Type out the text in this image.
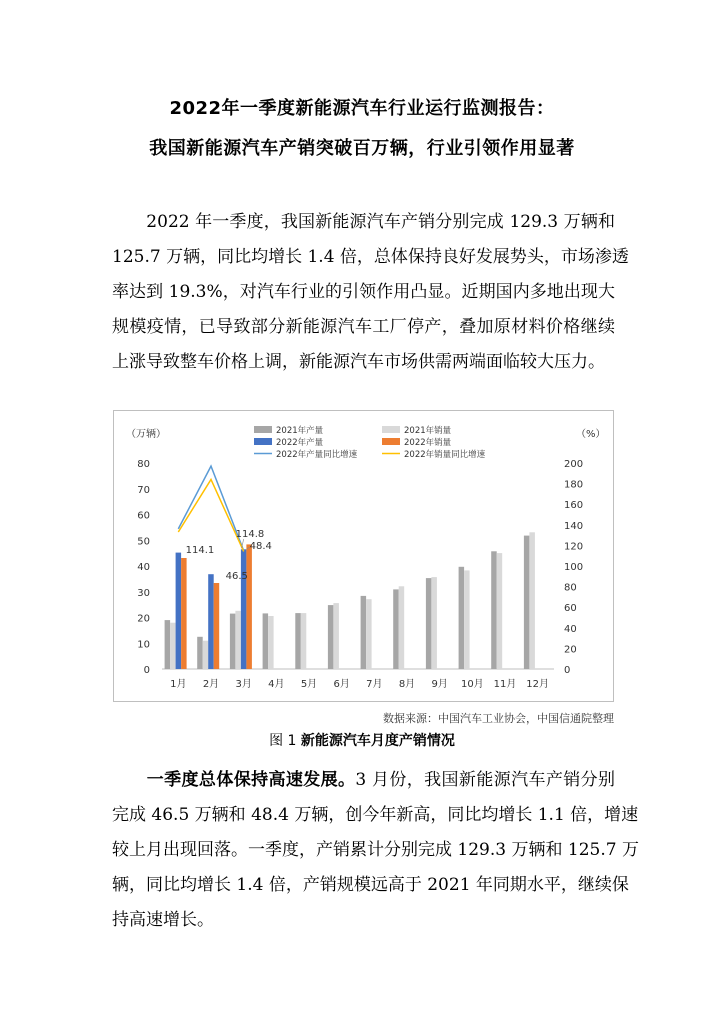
2022年一季度新能源汽车行业运行监测报告：
我国新能源汽车产销突破百万辆，行业引领作用显著
　　2022 年一季度，我国新能源汽车产销分别完成 129.3 万辆和
125.7 万辆，同比均增长 1.4 倍，总体保持良好发展势头，市场渗透
率达到 19.3%，对汽车行业的引领作用凸显。近期国内多地出现大
规模疫情，已导致部分新能源汽车工厂停产，叠加原材料价格继续
上涨导致整车价格上调，新能源汽车市场供需两端面临较大压力。
（万辆）	（%）
0
10
20
30
40
50
60
70
80
0
20
40
60
80
100
120
140
160
180
200
1月 2月 3月 4月 5月 6月 7月 8月 9月 10月 11月 12月
114.8
48.4
114.1
46.5
2021年产量	2021年销量
2022年产量	2022年销量
2022年产量同比增速	2022年销量同比增速
数据来源：中国汽车工业协会，中国信通院整理
图 1 新能源汽车月度产销情况
　　一季度总体保持高速发展。3 月份，我国新能源汽车产销分别
完成 46.5 万辆和 48.4 万辆，创今年新高，同比均增长 1.1 倍，增速
较上月出现回落。一季度，产销累计分别完成 129.3 万辆和 125.7 万
辆，同比均增长 1.4 倍，产销规模远高于 2021 年同期水平，继续保
持高速增长。
